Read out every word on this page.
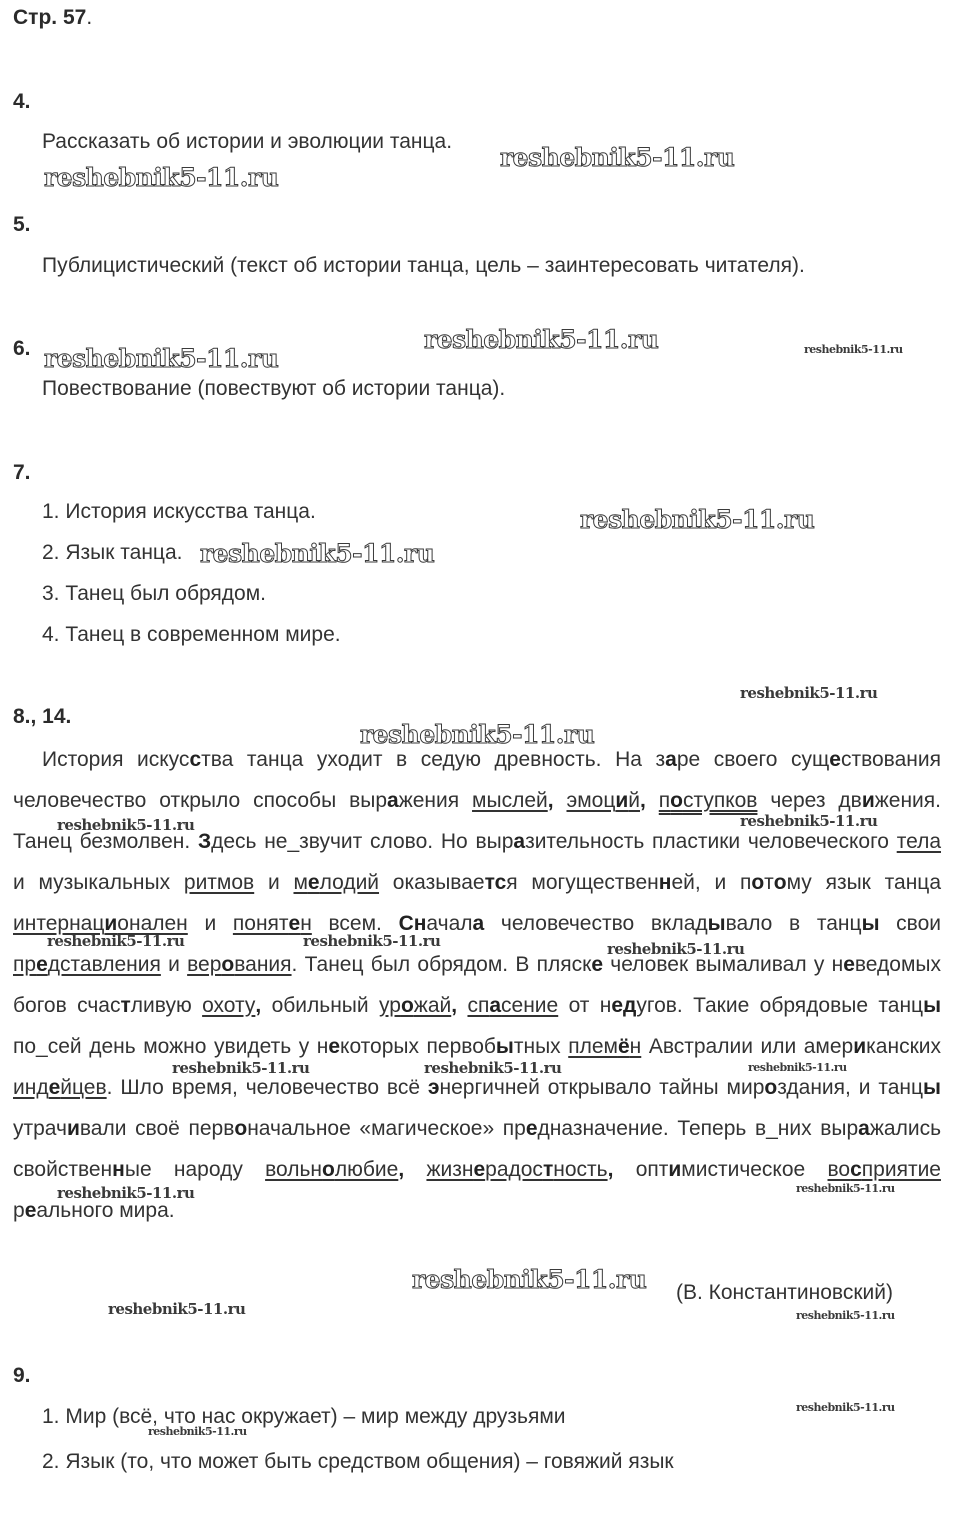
Стр. 57.
4.
Рассказать об истории и эволюции танца.
5.
Публицистический (текст об истории танца, цель – заинтересовать читателя).
6.
Повествование (повествуют об истории танца).
7.
1. История искусства танца.
2. Язык танца.
3. Танец был обрядом.
4. Танец в современном мире.
8., 14.
История искусства танца уходит в седую древность. На заре своего существования человечество открыло способы выражения мыслей, эмоций, поступков через движения. Танец безмолвен. Здесь не_звучит слово. Но выразительность пластики человеческого тела и музыкальных ритмов и мелодий оказывается могущественней, и потому язык танца интернационален и понятен всем. Сначала человечество вкладывало в танцы свои представления и верования. Танец был обрядом. В пляске человек вымаливал у неведомых богов счастливую охоту, обильный урожай, спасение от недугов. Такие обрядовые танцы по_сей день можно увидеть у некоторых первобытных племён Австралии или американских индейцев. Шло время, человечество всё энергичней открывало тайны мироздания, и танцы утрачивали своё первоначальное «магическое» предназначение. Теперь в_них выражались свойственные народу вольнолюбие, жизнерадостность, оптимистическое восприятие реального мира.
(В. Константиновский)
9.
1. Мир (всё, что нас окружает) – мир между друзьями
2. Язык (то, что может быть средством общения) – говяжий язык
reshebnik5-11.ru
reshebnik5-11.ru
reshebnik5-11.ru
reshebnik5-11.ru	reshebnik5-11.ru
reshebnik5-11.ru
reshebnik5-11.ru
reshebnik5-11.ru
reshebnik5-11.ru
reshebnik5-11.ru	reshebnik5-11.ru
reshebnik5-11.ru	reshebnik5-11.ru	reshebnik5-11.ru
reshebnik5-11.ru	reshebnik5-11.ru	reshebnik5-11.ru
reshebnik5-11.ru	reshebnik5-11.ru
reshebnik5-11.ru
reshebnik5-11.ru	reshebnik5-11.ru
reshebnik5-11.ru
reshebnik5-11.ru
